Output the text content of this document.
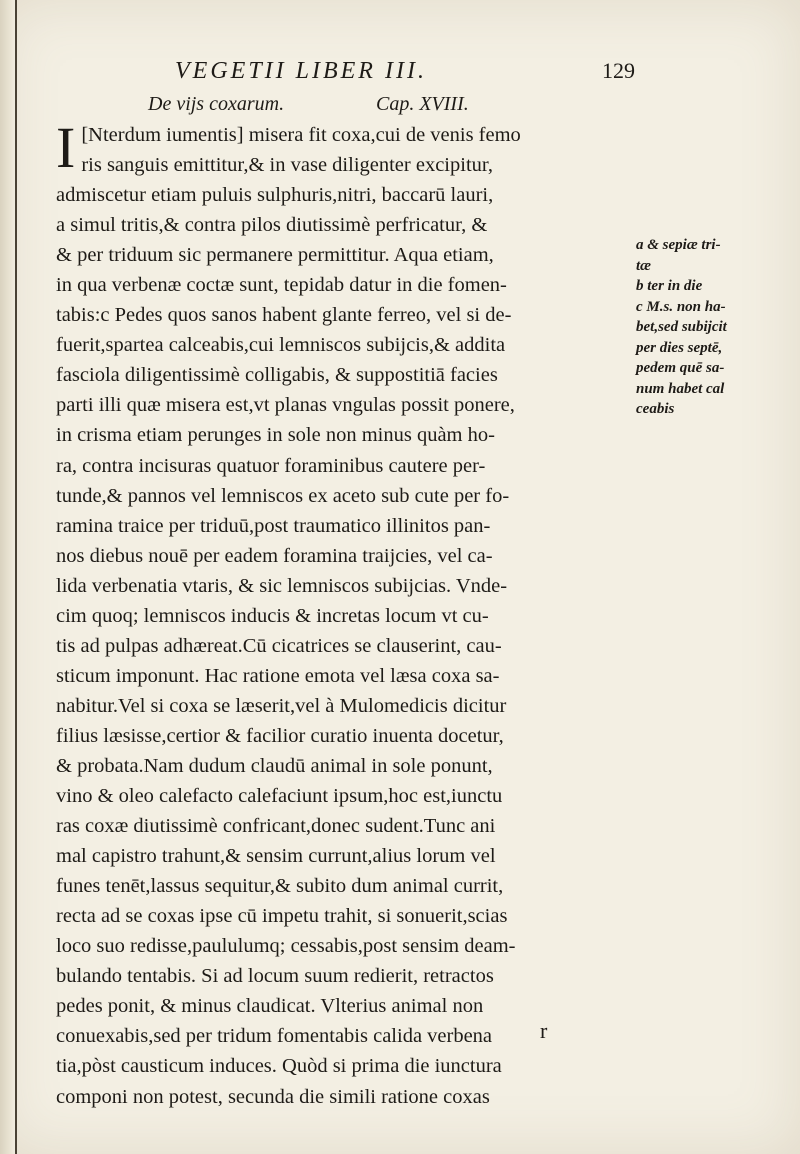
VEGETII LIBER III.	129
De vijs coxarum.	Cap. XVIII.
I [Nterdum iumentis] misera fit coxa,cui de venis femo
ris sanguis emittitur,& in vase diligenter excipitur,
admiscetur etiam puluis sulphuris,nitri, baccarū lauri,
a simul tritis,& contra pilos diutissimè perfricatur, &
& per triduum sic permanere permittitur. Aqua etiam,
in qua verbenæ coctæ sunt, tepidab datur in die fomen-
tabis:c Pedes quos sanos habent glante ferreo, vel si de-
fuerit,spartea calceabis,cui lemniscos subijcis,& addita
fasciola diligentissimè colligabis, & suppostitiā facies
parti illi quæ misera est,vt planas vngulas possit ponere,
in crisma etiam perunges in sole non minus quàm ho-
ra, contra incisuras quatuor foraminibus cautere per-
tunde,& pannos vel lemniscos ex aceto sub cute per fo-
ramina traice per triduū,post traumatico illinitos pan-
nos diebus nouē per eadem foramina traijcies, vel ca-
lida verbenatia vtaris, & sic lemniscos subijcias. Vnde-
cim quoq; lemniscos inducis & incretas locum vt cu-
tis ad pulpas adhæreat.Cū cicatrices se clauserint, cau-
sticum imponunt. Hac ratione emota vel læsa coxa sa-
nabitur.Vel si coxa se læserit,vel à Mulomedicis dicitur
filius læsisse,certior & facilior curatio inuenta docetur,
& probata.Nam dudum claudū animal in sole ponunt,
vino & oleo calefacto calefaciunt ipsum,hoc est,iunctu
ras coxæ diutissimè confricant,donec sudent.Tunc ani
mal capistro trahunt,& sensim currunt,alius lorum vel
funes tenēt,lassus sequitur,& subito dum animal currit,
recta ad se coxas ipse cū impetu trahit, si sonuerit,scias
loco suo redisse,paululumq; cessabis,post sensim deam-
bulando tentabis. Si ad locum suum redierit, retractos
pedes ponit, & minus claudicat. Vlterius animal non
conuexabis,sed per tridum fomentabis calida verbena
tia,pòst causticum induces. Quòd si prima die iunctura
componi non potest, secunda die simili ratione coxas
a & sepiæ tri-
tæ
b ter in die
c M.s. non ha-
bet,sed subijcit
per dies septē,
pedem quē sa-
num habet cal
ceabis
r
